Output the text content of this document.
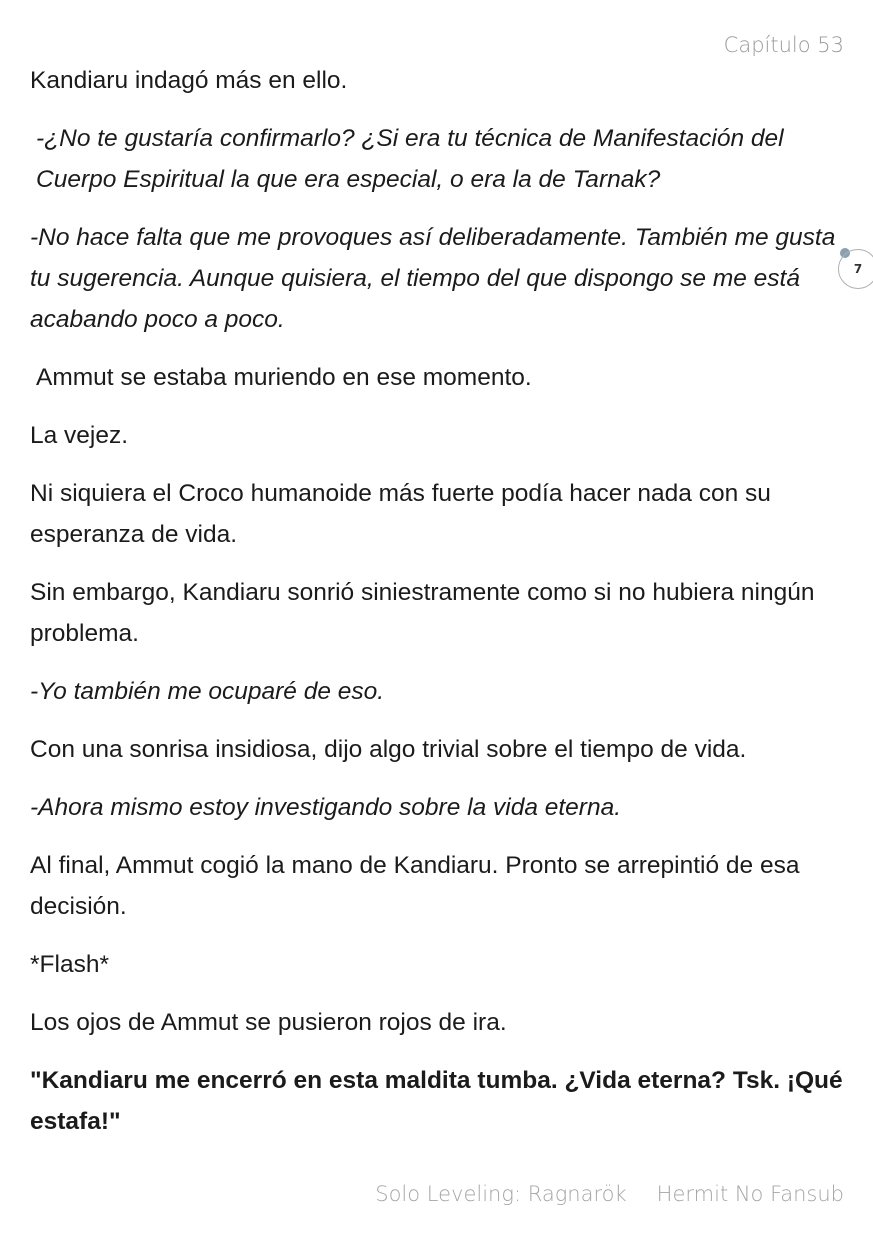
Capítulo 53
7

Kandiaru indagó más en ello.

-¿No te gustaría confirmarlo? ¿Si era tu técnica de Manifestación del Cuerpo Espiritual la que era especial, o era la de Tarnak?

-No hace falta que me provoques así deliberadamente. También me gusta tu sugerencia. Aunque quisiera, el tiempo del que dispongo se me está acabando poco a poco.

Ammut se estaba muriendo en ese momento.

La vejez.

Ni siquiera el Croco humanoide más fuerte podía hacer nada con su esperanza de vida.

Sin embargo, Kandiaru sonrió siniestramente como si no hubiera ningún problema.

-Yo también me ocuparé de eso.

Con una sonrisa insidiosa, dijo algo trivial sobre el tiempo de vida.

-Ahora mismo estoy investigando sobre la vida eterna.

Al final, Ammut cogió la mano de Kandiaru. Pronto se arrepintió de esa decisión.

*Flash*

Los ojos de Ammut se pusieron rojos de ira.

"Kandiaru me encerró en esta maldita tumba. ¿Vida eterna? Tsk. ¡Qué estafa!"

Solo Leveling: Ragnarök Hermit No Fansub
